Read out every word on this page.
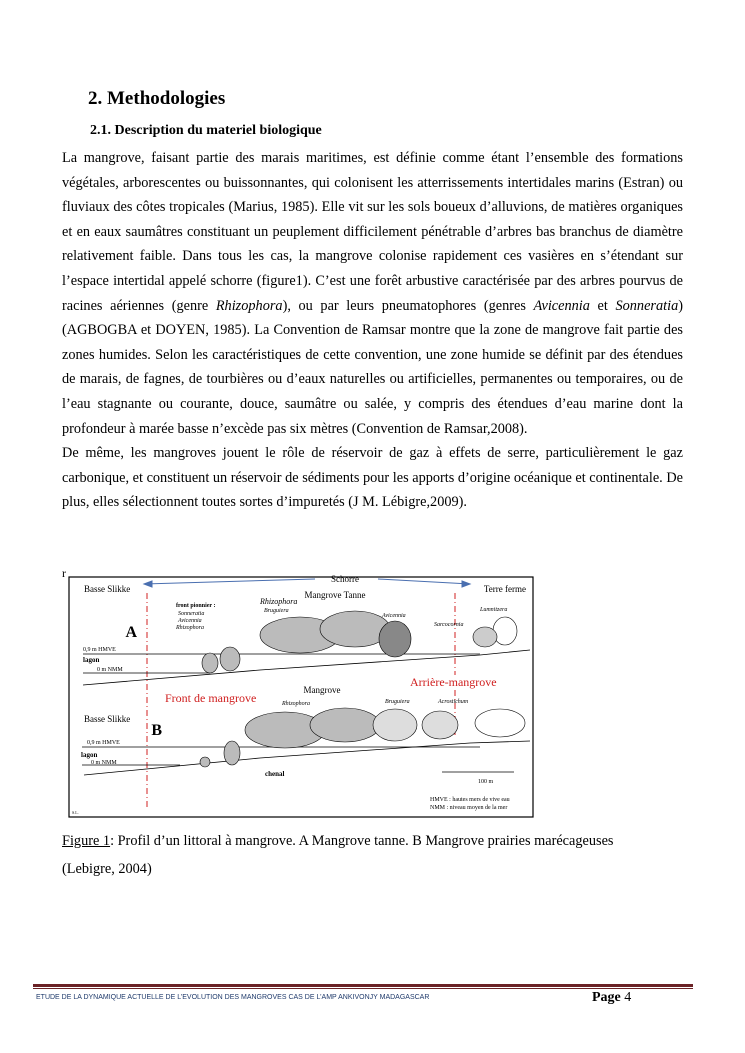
2. Methodologies
2.1. Description du materiel biologique

La mangrove, faisant partie des marais maritimes, est définie comme étant l’ensemble des formations végétales, arborescentes ou buissonnantes, qui colonisent les atterrissements intertidales marins (Estran) ou fluviaux des côtes tropicales (Marius, 1985). Elle vit sur les sols boueux d’alluvions, de matières organiques et en eaux saumâtres constituant un peuplement difficilement pénétrable d’arbres bas branchus de diamètre relativement faible. Dans tous les cas, la mangrove colonise rapidement ces vasières en s’étendant sur l’espace intertidal appelé schorre (figure1). C’est une forêt arbustive caractérisée par des arbres pourvus de racines aériennes (genre Rhizophora), ou par leurs pneumatophores (genres Avicennia et Sonneratia) (AGBOGBA et DOYEN, 1985). La Convention de Ramsar montre que la zone de mangrove fait partie des zones humides. Selon les caractéristiques de cette convention, une zone humide se définit par des étendues de marais, de fagnes, de tourbières ou d’eaux naturelles ou artificielles, permanentes ou temporaires, ou de l’eau stagnante ou courante, douce, saumâtre ou salée, y compris des étendues d’eau marine dont la profondeur à marée basse n’excède pas six mètres (Convention de Ramsar,2008).

De même, les mangroves jouent le rôle de réservoir de gaz à effets de serre, particulièrement le gaz carbonique, et constituent un réservoir de sédiments pour les apports d’origine océanique et continentale. De plus, elles sélectionnent toutes sortes d’impuretés (J M. Lébigre,2009).

r	Schorre
Basse Slikke	Terre ferme
Mangrove Tanne
A
front pionnier :
Sonneratia
Avicennia
Rhizophora
Rhizophora
Bruguiera
Avicennia
Sarcocornia
Lumnitzera
0,9 m HMVE
lagon
0 m NMM
Mangrove
Front de mangrove
Arrière-mangrove
Basse Slikke
B
Rhizophora	Bruguiera	Acrostichum
0,9 m HMVE
lagon
0 m NMM
chenal
100 m
HMVE : hautes mers de vive eau
NMM : niveau moyen de la mer
S.L.
Figure 1: Profil d’un littoral à mangrove. A Mangrove tanne. B Mangrove prairies marécageuses
(Lebigre, 2004)
ETUDE DE LA DYNAMIQUE ACTUELLE DE L’EVOLUTION DES MANGROVES CAS DE L’AMP ANKIVONJY MADAGASCAR	Page 4
